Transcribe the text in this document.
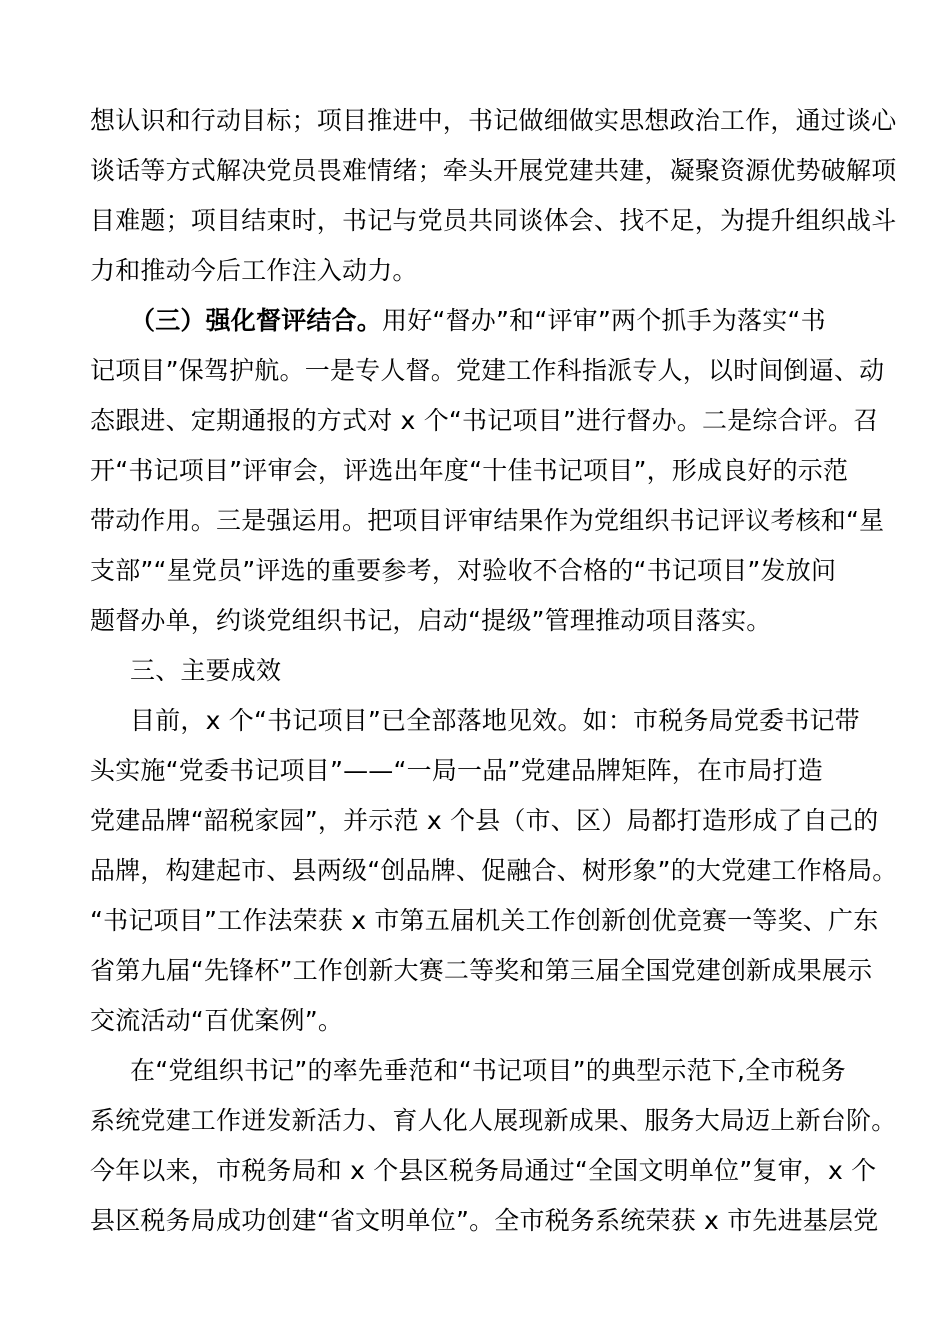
想认识和行动目标；项目推进中，书记做细做实思想政治工作，通过谈心
谈话等方式解决党员畏难情绪；牵头开展党建共建，凝聚资源优势破解项
目难题；项目结束时，书记与党员共同谈体会、找不足，为提升组织战斗
力和推动今后工作注入动力。
（三）强化督评结合。用好“督办”和“评审”两个抓手为落实“书
记项目”保驾护航。一是专人督。党建工作科指派专人，以时间倒逼、动
态跟进、定期通报的方式对 x 个“书记项目”进行督办。二是综合评。召
开“书记项目”评审会，评选出年度“十佳书记项目”，形成良好的示范
带动作用。三是强运用。把项目评审结果作为党组织书记评议考核和“星
支部”“星党员”评选的重要参考，对验收不合格的“书记项目”发放问
题督办单，约谈党组织书记，启动“提级”管理推动项目落实。
三、主要成效
目前，x 个“书记项目”已全部落地见效。如：市税务局党委书记带
头实施“党委书记项目”——“一局一品”党建品牌矩阵，在市局打造
党建品牌“韶税家园”，并示范 x 个县（市、区）局都打造形成了自己的
品牌，构建起市、县两级“创品牌、促融合、树形象”的大党建工作格局。
“书记项目”工作法荣获 x 市第五届机关工作创新创优竞赛一等奖、广东
省第九届“先锋杯”工作创新大赛二等奖和第三届全国党建创新成果展示
交流活动“百优案例”。
在“党组织书记”的率先垂范和“书记项目”的典型示范下,全市税务
系统党建工作迸发新活力、育人化人展现新成果、服务大局迈上新台阶。
今年以来，市税务局和 x 个县区税务局通过“全国文明单位”复审，x 个
县区税务局成功创建“省文明单位”。全市税务系统荣获 x 市先进基层党
